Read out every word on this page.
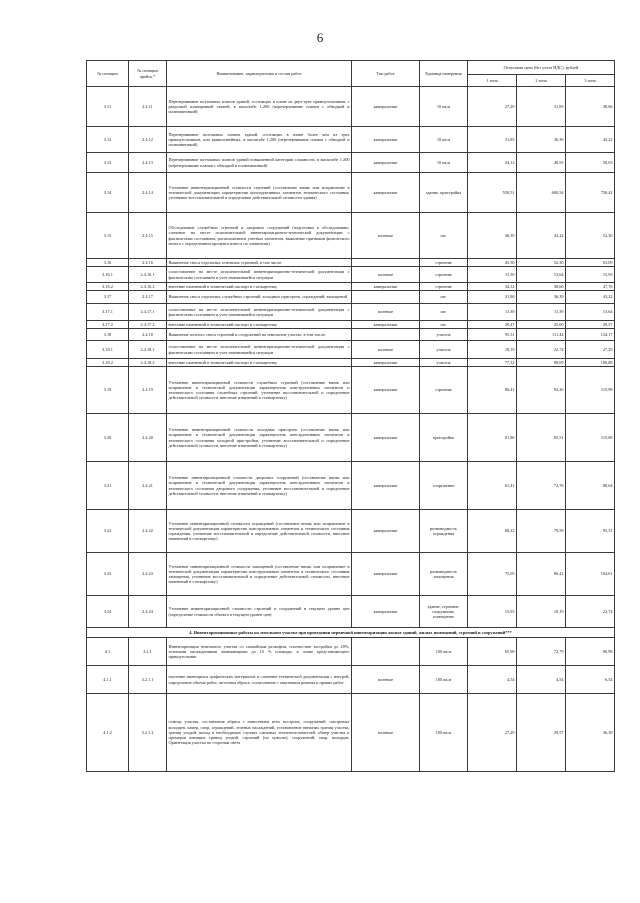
6
№ позиции	№ позиции прейск.*	Наименование, характеристика и состав работ	Тип работ	Единица измерения	Отпускная цена (без учета НДС), рублей		
					1 зона	2 зона	3 зона
3.11	2.4.11	Перечерчивание поэтажных планов зданий, состоящих в плане из двух-трех прямоугольников, с разделкой планировкой этажей, в масштабе 1:200 (перечерчивание планов с обводкой и иллюминовкой)	камеральные	10 кв.м	27,29	31,83	38,66
3.12	2.4.12	Перечерчивание поэтажных планов зданий, состоящих в плане более чем из трех прямоугольников, или криволинейных, в масштабе 1:200 (перечерчивание планов с обводкой и иллюминовкой)	камеральные	10 кв.м	31,83	36,39	43,22
3.13	2.4.13	Перечерчивание поэтажных планов зданий повышенной категории сложности, в масштабе 1:200 (перечерчивание планов с обводкой и иллюминовкой)	камеральные	10 кв.м	34,12	40,93	50,03
3.14	2.4.14	Уточнение инвентаризационной стоимости строений (составление вновь или исправление в технической документации характеристик конструктивных элементов технического состояния, уточнение восстановительной и определение действительной стоимости здания)	камеральные	здание, пристройка	550,51	600,54	750,42
3.15	2.4.15	Обследование служебных строений и дворовых сооружений (подготовка к обследованию, сличение на месте исполнительной инвентаризационно-технической документации с фактическим состоянием, расположением учетных элементов, выявление признаков физического износа с определением процента износа по элементам)	полевые	шт.	36,39	43,22	52,30
3.16	2.4.16	Выявление сноса отдельных основных строений, в том числе:		строение	45,50	52,30	63,09
3.16.1	2.4.16.1	сопоставление на месте исполнительной инвентаризационно-технической документации с фактическим состоянием и учет изменившейся ситуации	полевые	строение	11,39	13,64	15,93
3.16.2	2.4.16.2	внесение изменений в технический паспорт и статкарточку	камеральные	строение	34,12	38,66	47,76
3.17	2.4.17	Выявление сноса отдельных служебных строений, холодных пристроек, ограждений, замощений		шт.	31,86	36,39	43,22
3.17.1	2.4.17.1	сопоставление на месте исполнительной инвентаризационно-технической документации с фактическим состоянием и учет изменившейся ситуации	полевые	шт.	11,39	11,39	13,64
3.17.2	2.4.17.2	внесение изменений в технический паспорт и статкарточку	камеральные	шт.	20,47	25,00	29,57
3.18	2.4.18	Выявление полного сноса строений и сооружений на земельном участке, в том числе:		участок	95,51	111,44	134,17
3.18.1	2.4.18.1	сопоставление на месте исполнительной инвентаризационно-технической документации с фактическим состоянием и учет изменившейся ситуации	полевые	участок	18,19	22,74	27,29
3.18.2	2.4.18.2	внесение изменений в технический паспорт и статкарточку	камеральные	участок	77,32	88,69	106,88
3.19	2.4.19	Уточнение инвентаризационной стоимости служебных строений (составление вновь или исправление в технической документации характеристик конструктивных элементов и технического состояния служебных строений, уточнение восстановительной и определение действительной стоимости, внесение изменений в статкарточку)	камеральные	строение	86,41	93,26	115,98
3.20	2.4.20	Уточнение инвентаризационной стоимости холодных пристроек (составление вновь или исправление в технической документации характеристик конструктивных элементов и технического состояния холодной пристройки, уточнение восстановительной и определение действительной стоимости, внесение изменений в статкарточку)	камеральные	пристройка	81,86	95,51	115,08
3.21	2.4.21	Уточнение инвентаризационной стоимости дворовых сооружений (составление вновь или исправление в технической документации характеристик конструктивных элементов и технического состояния дворового сооружения, уточнение восстановительной и определение действительной стоимости, внесение изменений в статкарточку)	камеральные	сооружение	61,41	72,76	88,64
3.22	2.4.22	Уточнение инвентаризационной стоимости ограждений (составление вновь или исправление в технической документации характеристик конструктивных элементов и технического состояния ограждения, уточнение восстановительной и определение действительной стоимости, внесение изменений в статкарточку)	камеральные	разновидность ограждения	68,22	79,59	95,51
3.23	2.4.23	Уточнение инвентаризационной стоимости замощений (составление вновь или исправление в технической документации характеристик конструктивных элементов и технического состояния замощения, уточнение восстановительной и определение действительной стоимости, внесение изменений в статкарточку)	камеральные	разновидность замощения	75,05	86,41	104,61
3.24	2.4.24	Уточнение инвентаризационной стоимости строений и сооружений в текущем уровне цен (определение стоимости объекта в текущем уровне цен)	камеральные	здание, строение, сооружение, помещение	15,93	18,19	22,74
4. Инвентаризационные работы на земельном участке при проведении первичной инвентаризации жилых зданий, жилых помещений, строений и сооружений***							
4.1	3.2.1	Инвентаризация земельного участка со спокойным рельефом, плотностью застройки до 20%, зелеными насаждениями занимающими до 10 % площади, в плане представляющего прямоугольник		100 кв.м	65,98	72,79	90,98
4.1.1	3.2.1.1	изучение имеющихся графических материалов и сличение технической документации с натурой, определение объема работ, заготовка абриса, согласование с заказчиком режима и правил работ	полевые	100 кв.м	4,54	4,54	6,54
4.1.2	3.2.1.2	осмотр участка, составление абриса с нанесением всех построек, сооружений, смотровых колодцев, камер, опор, ограждений, зеленых насаждений, установление внешних границ участка, границ угодий, выход в необходимых случаях смежных землепользователей, обмер участка и промеров внешних границ угодий, строений (по цоколю), сооружений, опор, колодцев. Ориентация участка по сторонам света	полевые	100 кв.м	27,29	29,57	36,39
